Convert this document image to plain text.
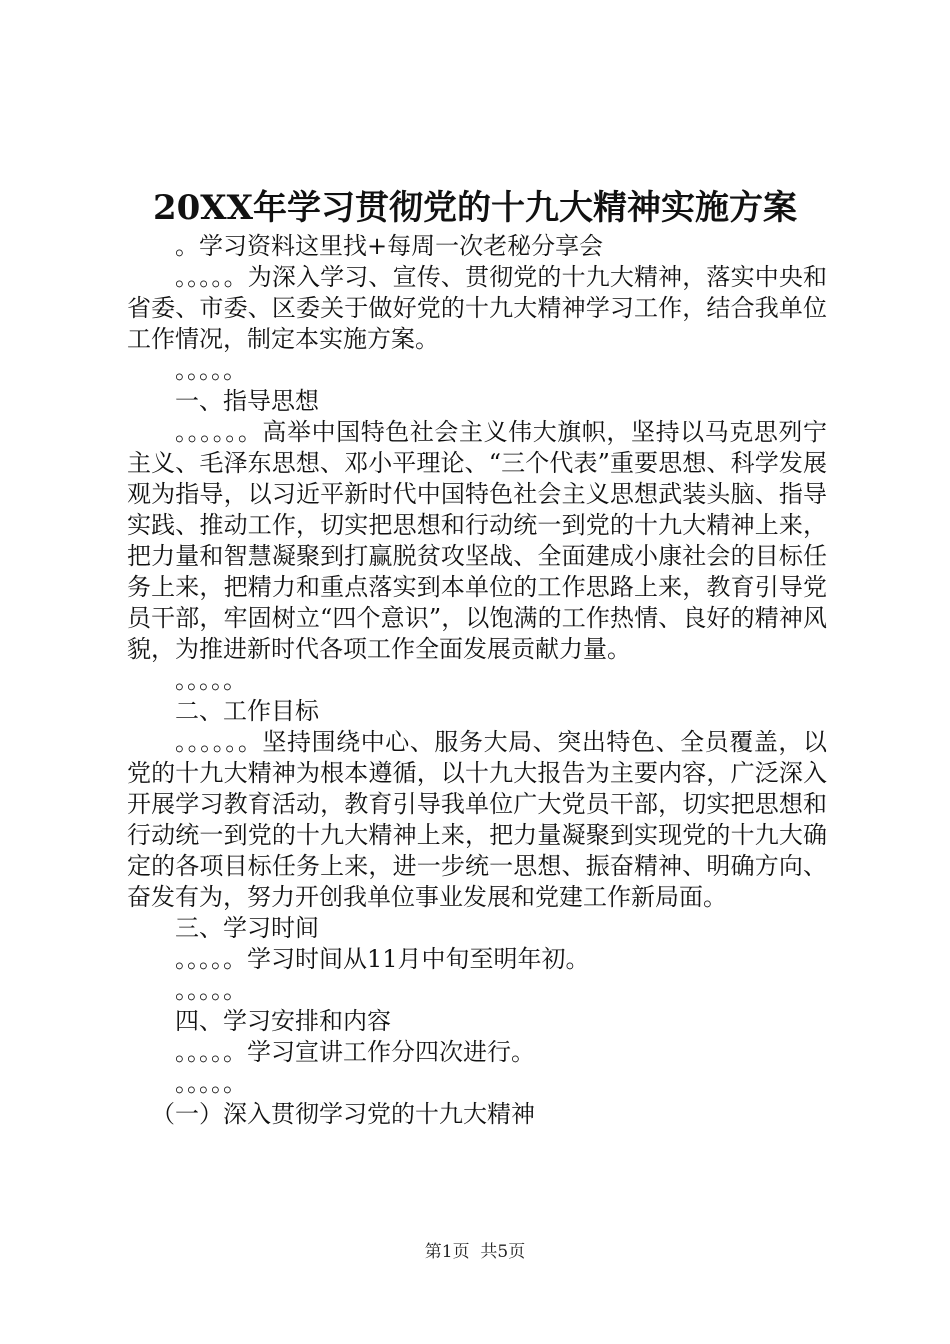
20XX年学习贯彻党的十九大精神实施方案

。学习资料这里找+每周一次老秘分享会

。。。。。为深入学习、宣传、贯彻党的十九大精神，落实中央和省委、市委、区委关于做好党的十九大精神学习工作，结合我单位工作情况，制定本实施方案。

。。。。。

一、指导思想

。。。。。。高举中国特色社会主义伟大旗帜，坚持以马克思列宁主义、毛泽东思想、邓小平理论、“三个代表”重要思想、科学发展观为指导，以习近平新时代中国特色社会主义思想武装头脑、指导实践、推动工作，切实把思想和行动统一到党的十九大精神上来，把力量和智慧凝聚到打赢脱贫攻坚战、全面建成小康社会的目标任务上来，把精力和重点落实到本单位的工作思路上来，教育引导党员干部，牢固树立“四个意识”，以饱满的工作热情、良好的精神风貌，为推进新时代各项工作全面发展贡献力量。

。。。。。

二、工作目标

。。。。。。坚持围绕中心、服务大局、突出特色、全员覆盖，以党的十九大精神为根本遵循，以十九大报告为主要内容，广泛深入开展学习教育活动，教育引导我单位广大党员干部，切实把思想和行动统一到党的十九大精神上来，把力量凝聚到实现党的十九大确定的各项目标任务上来，进一步统一思想、振奋精神、明确方向、奋发有为，努力开创我单位事业发展和党建工作新局面。

三、学习时间

。。。。。学习时间从11月中旬至明年初。

。。。。。

四、学习安排和内容

。。。。。学习宣讲工作分四次进行。

。。。。。

（一）深入贯彻学习党的十九大精神

第1页  共5页
